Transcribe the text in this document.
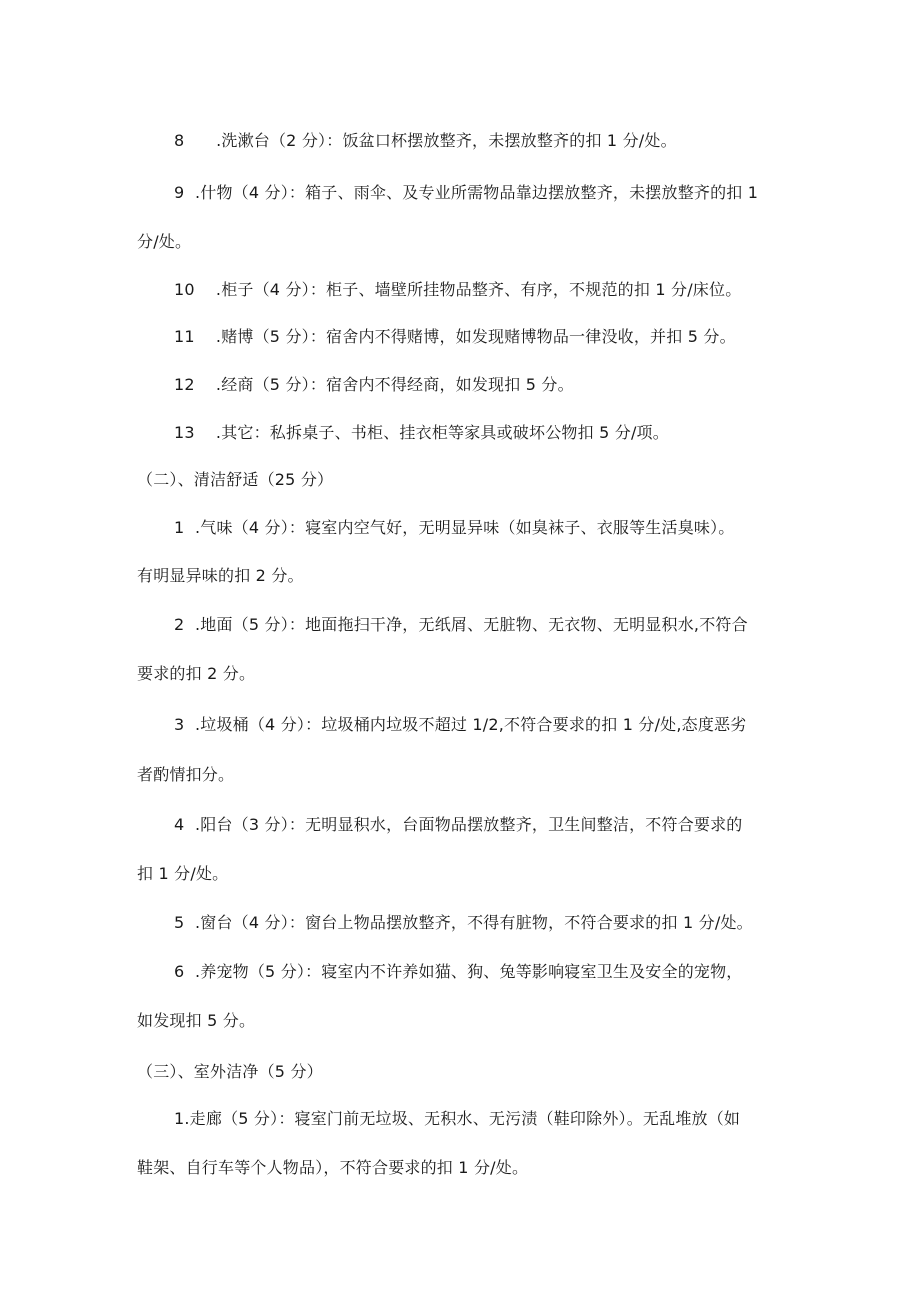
8      .洗漱台（2 分）：饭盆口杯摆放整齐，未摆放整齐的扣 1 分/处。
9  .什物（4 分）：箱子、雨伞、及专业所需物品靠边摆放整齐，未摆放整齐的扣 1
分/处。
10    .柜子（4 分）：柜子、墙壁所挂物品整齐、有序，不规范的扣 1 分/床位。
11    .赌博（5 分）：宿舍内不得赌博，如发现赌博物品一律没收，并扣 5 分。
12    .经商（5 分）：宿舍内不得经商，如发现扣 5 分。
13    .其它：私拆桌子、书柜、挂衣柜等家具或破坏公物扣 5 分/项。
（二）、清洁舒适（25 分）
1  .气味（4 分）：寝室内空气好，无明显异味（如臭袜子、衣服等生活臭味）。
有明显异味的扣 2 分。
2  .地面（5 分）：地面拖扫干净，无纸屑、无脏物、无衣物、无明显积水,不符合
要求的扣 2 分。
3  .垃圾桶（4 分）：垃圾桶内垃圾不超过 1/2,不符合要求的扣 1 分/处,态度恶劣
者酌情扣分。
4  .阳台（3 分）：无明显积水，台面物品摆放整齐，卫生间整洁，不符合要求的
扣 1 分/处。
5  .窗台（4 分）：窗台上物品摆放整齐，不得有脏物，不符合要求的扣 1 分/处。
6  .养宠物（5 分）：寝室内不许养如猫、狗、兔等影响寝室卫生及安全的宠物，
如发现扣 5 分。
（三）、室外洁净（5 分）
1.走廊（5 分）：寝室门前无垃圾、无积水、无污渍（鞋印除外）。无乱堆放（如
鞋架、自行车等个人物品），不符合要求的扣 1 分/处。
